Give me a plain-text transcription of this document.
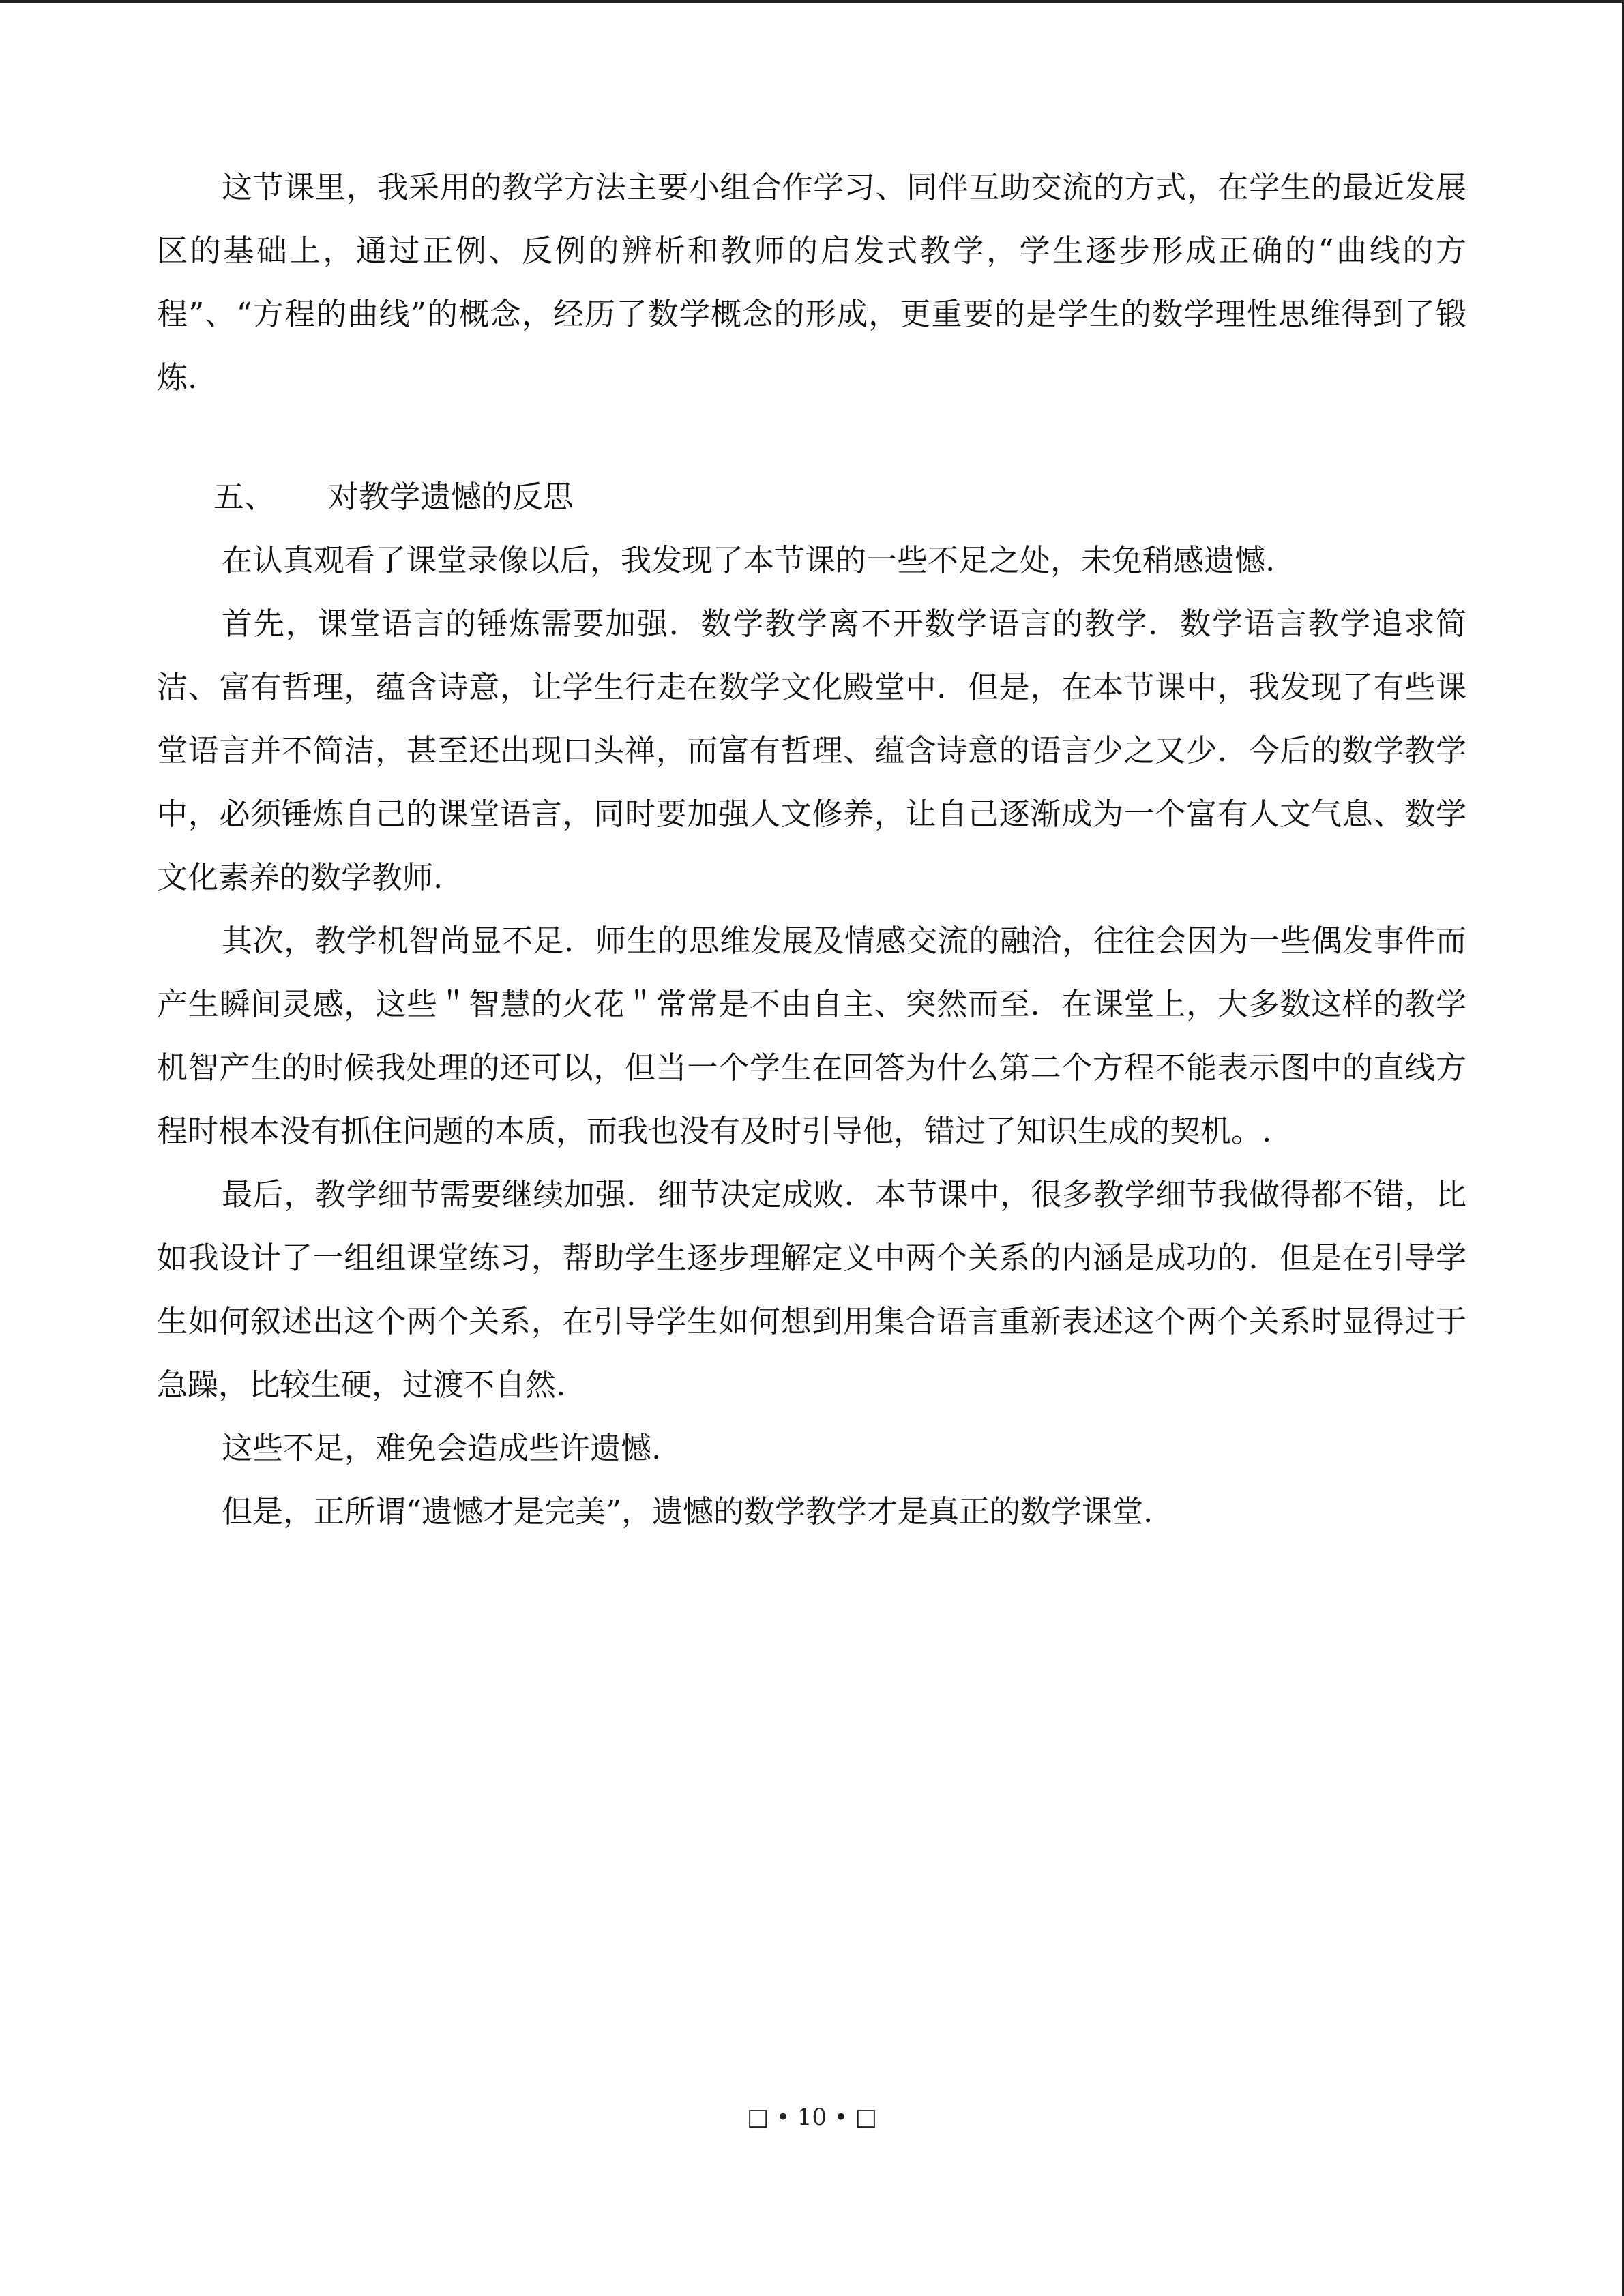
这节课里，我采用的教学方法主要小组合作学习、同伴互助交流的方式，在学生的最近发展区的基础上，通过正例、反例的辨析和教师的启发式教学，学生逐步形成正确的“曲线的方程”、“方程的曲线”的概念，经历了数学概念的形成，更重要的是学生的数学理性思维得到了锻炼.

五、 对教学遗憾的反思

在认真观看了课堂录像以后，我发现了本节课的一些不足之处，未免稍感遗憾.

首先，课堂语言的锤炼需要加强．数学教学离不开数学语言的教学．数学语言教学追求简洁、富有哲理，蕴含诗意，让学生行走在数学文化殿堂中．但是，在本节课中，我发现了有些课堂语言并不简洁，甚至还出现口头禅，而富有哲理、蕴含诗意的语言少之又少．今后的数学教学中，必须锤炼自己的课堂语言，同时要加强人文修养，让自己逐渐成为一个富有人文气息、数学文化素养的数学教师.

其次，教学机智尚显不足．师生的思维发展及情感交流的融洽，往往会因为一些偶发事件而产生瞬间灵感，这些＂智慧的火花＂常常是不由自主、突然而至．在课堂上，大多数这样的教学机智产生的时候我处理的还可以，但当一个学生在回答为什么第二个方程不能表示图中的直线方程时根本没有抓住问题的本质，而我也没有及时引导他，错过了知识生成的契机。.

最后，教学细节需要继续加强．细节决定成败．本节课中，很多教学细节我做得都不错，比如我设计了一组组课堂练习，帮助学生逐步理解定义中两个关系的内涵是成功的．但是在引导学生如何叙述出这个两个关系，在引导学生如何想到用集合语言重新表述这个两个关系时显得过于急躁，比较生硬，过渡不自然.

这些不足，难免会造成些许遗憾.

但是，正所谓“遗憾才是完美”，遗憾的数学教学才是真正的数学课堂.

□ • 10 • □
